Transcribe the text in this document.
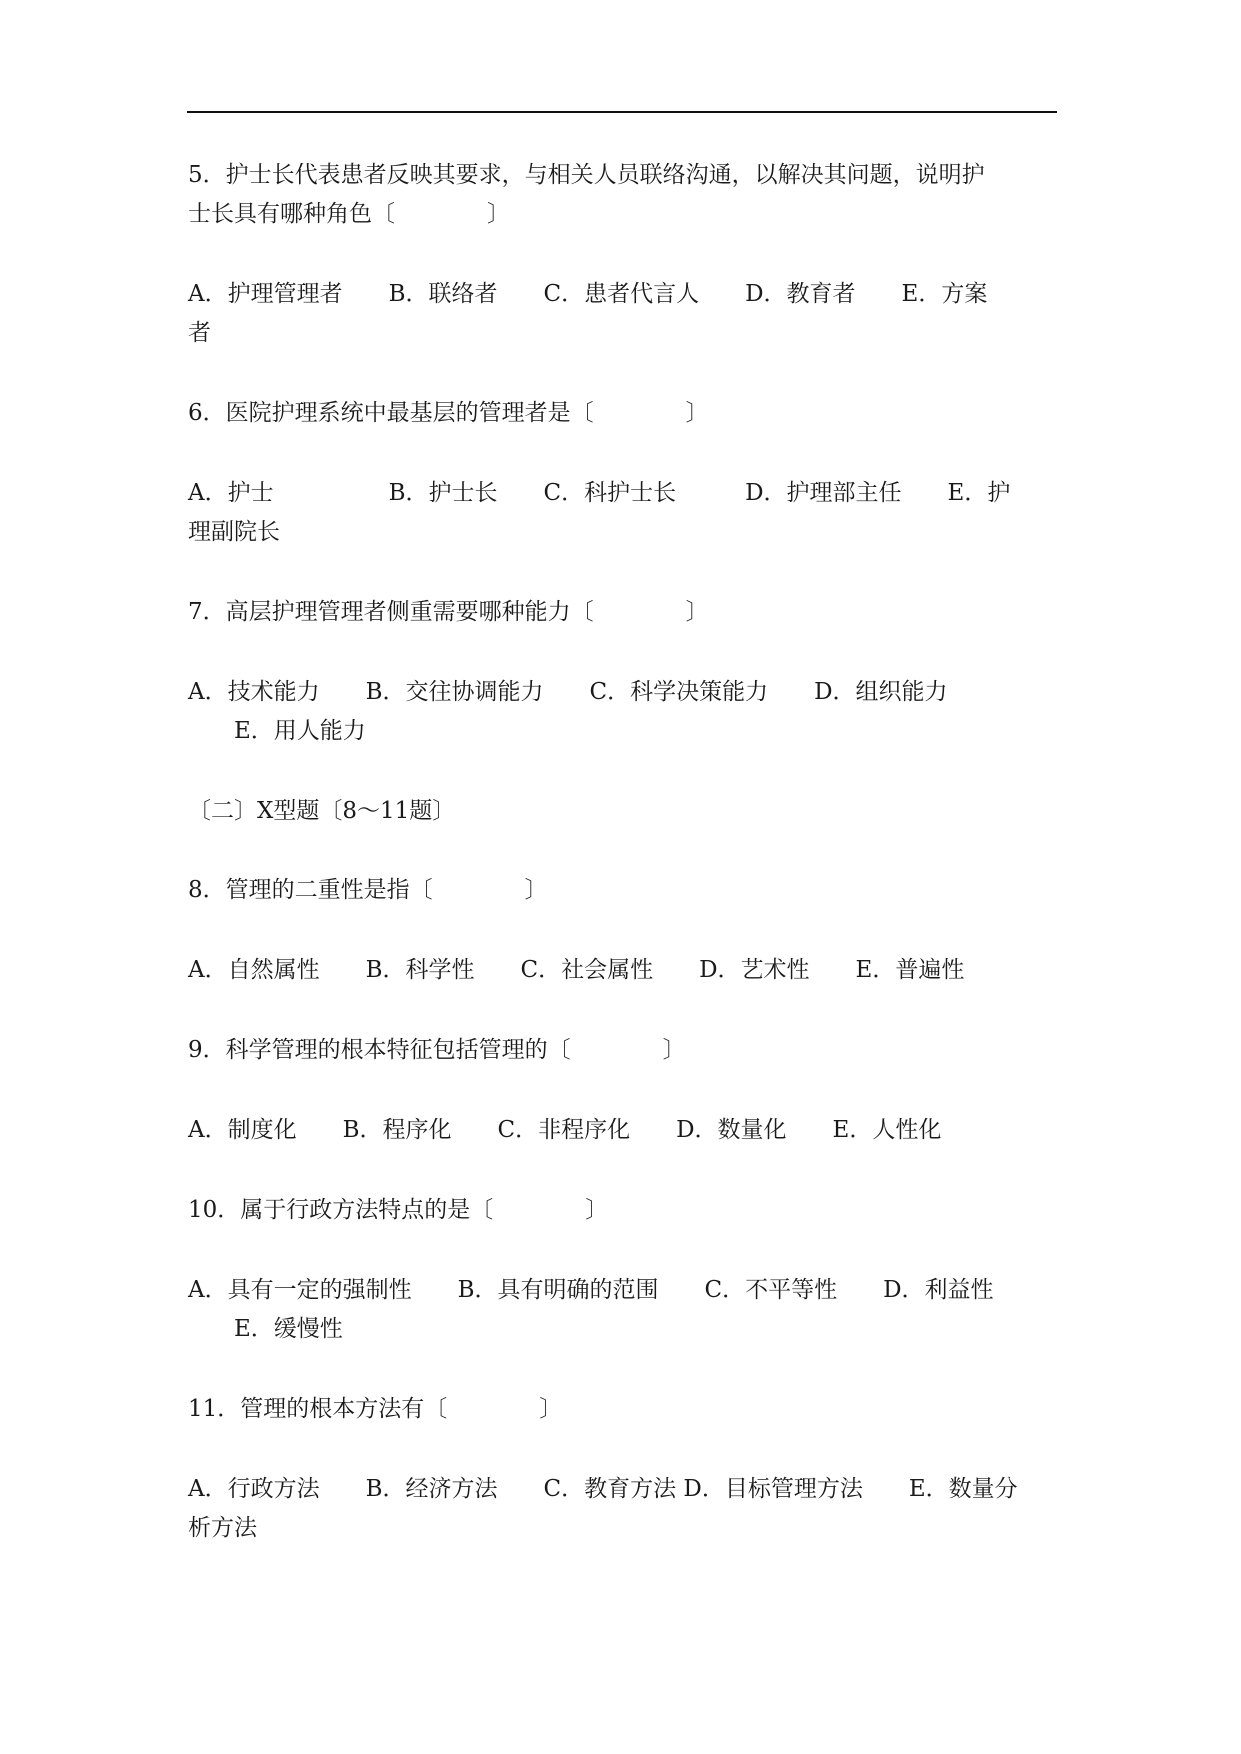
5．护士长代表患者反映其要求，与相关人员联络沟通，以解决其问题，说明护
士长具有哪种角色〔　　　　〕
A．护理管理者　　B．联络者　　C．患者代言人　　D．教育者　　E．方案
者
6．医院护理系统中最基层的管理者是〔　　　　〕
A．护士　　　　　B．护士长　　C．科护士长　　　D．护理部主任　　E．护
理副院长
7．高层护理管理者侧重需要哪种能力〔　　　　〕
A．技术能力　　B．交往协调能力　　C．科学决策能力　　D．组织能力
　　E．用人能力
〔二〕X型题〔8～11题〕
8．管理的二重性是指〔　　　　〕
A．自然属性　　B．科学性　　C．社会属性　　D．艺术性　　E．普遍性
9．科学管理的根本特征包括管理的〔　　　　〕
A．制度化　　B．程序化　　C．非程序化　　D．数量化　　E．人性化
10．属于行政方法特点的是〔　　　　〕
A．具有一定的强制性　　B．具有明确的范围　　C．不平等性　　D．利益性
　　E．缓慢性
11．管理的根本方法有〔　　　　〕
A．行政方法　　B．经济方法　　C．教育方法 D．目标管理方法　　E．数量分
析方法
